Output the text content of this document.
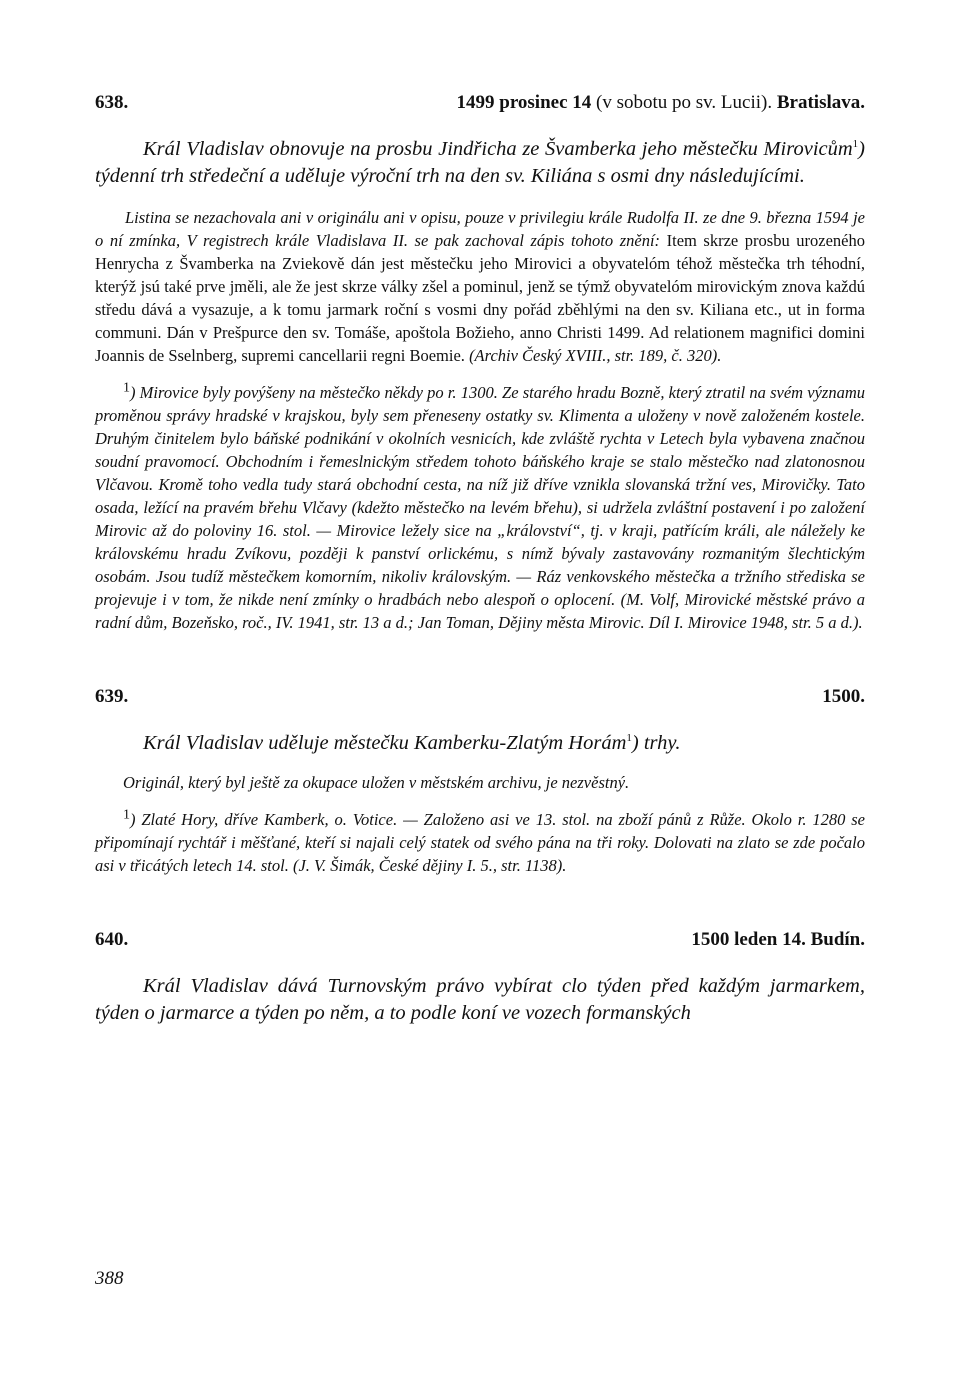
638.	1499 prosinec 14 (v sobotu po sv. Lucii). Bratislava.

Král Vladislav obnovuje na prosbu Jindřicha ze Švamberka jeho městečku Mirovicům$^1$) týdenní trh středeční a uděluje výroční trh na den sv. Kiliána s osmi dny následujícími.

Listina se nezachovala ani v originálu ani v opisu, pouze v privilegiu krále Rudolfa II. ze dne 9. března 1594 je o ní zmínka, V registrech krále Vladislava II. se pak zachoval zápis tohoto znění: Item skrze prosbu urozeného Henrycha z Švamberka na Zviekově dán jest městečku jeho Mirovici a obyvatelóm téhož městečka trh téhodní, kterýž jsú také prve jměli, ale že jest skrze války zšel a pominul, jenž se týmž obyvatelóm mirovickým znova každú středu dává a vysazuje, a k tomu jarmark roční s vosmi dny pořád zběhlými na den sv. Kiliana etc., ut in forma communi. Dán v Prešpurce den sv. Tomáše, apoštola Božieho, anno Christi 1499. Ad relationem magnifici domini Joannis de Sselnberg, supremi cancellarii regni Boemie. (Archiv Český XVIII., str. 189, č. 320).

$^1$) Mirovice byly povýšeny na městečko někdy po r. 1300. Ze starého hradu Bozně, který ztratil na svém významu proměnou správy hradské v krajskou, byly sem přeneseny ostatky sv. Klimenta a uloženy v nově založeném kostele. Druhým činitelem bylo báňské podnikání v okolních vesnicích, kde zvláště rychta v Letech byla vybavena značnou soudní pravomocí. Obchodním i řemeslnickým středem tohoto báňského kraje se stalo městečko nad zlatonosnou Vlčavou. Kromě toho vedla tudy stará obchodní cesta, na níž již dříve vznikla slovanská tržní ves, Mirovičky. Tato osada, ležící na pravém břehu Vlčavy (kdežto městečko na levém břehu), si udržela zvláštní postavení i po založení Mirovic až do poloviny 16. stol. — Mirovice ležely sice na „království“, tj. v kraji, patřícím králi, ale náležely ke královskému hradu Zvíkovu, později k panství orlickému, s nímž bývaly zastavovány rozmanitým šlechtickým osobám. Jsou tudíž městečkem komorním, nikoliv královským. — Ráz venkovského městečka a tržního střediska se projevuje i v tom, že nikde není zmínky o hradbách nebo alespoň o oplocení. (M. Volf, Mirovické městské právo a radní dům, Bozeňsko, roč., IV. 1941, str. 13 a d.; Jan Toman, Dějiny města Mirovic. Díl I. Mirovice 1948, str. 5 a d.).

639.	1500.

Král Vladislav uděluje městečku Kamberku-Zlatým Horám$^1$) trhy.

Originál, který byl ještě za okupace uložen v městském archivu, je nezvěstný.

$^1$) Zlaté Hory, dříve Kamberk, o. Votice. — Založeno asi ve 13. stol. na zboží pánů z Růže. Okolo r. 1280 se připomínají rychtář i měšťané, kteří si najali celý statek od svého pána na tři roky. Dolovati na zlato se zde počalo asi v třicátých letech 14. stol. (J. V. Šimák, České dějiny I. 5., str. 1138).

640.	1500 leden 14. Budín.

Král Vladislav dává Turnovským právo vybírat clo týden před každým jarmarkem, týden o jarmarce a týden po něm, a to podle koní ve vozech formanských

388
